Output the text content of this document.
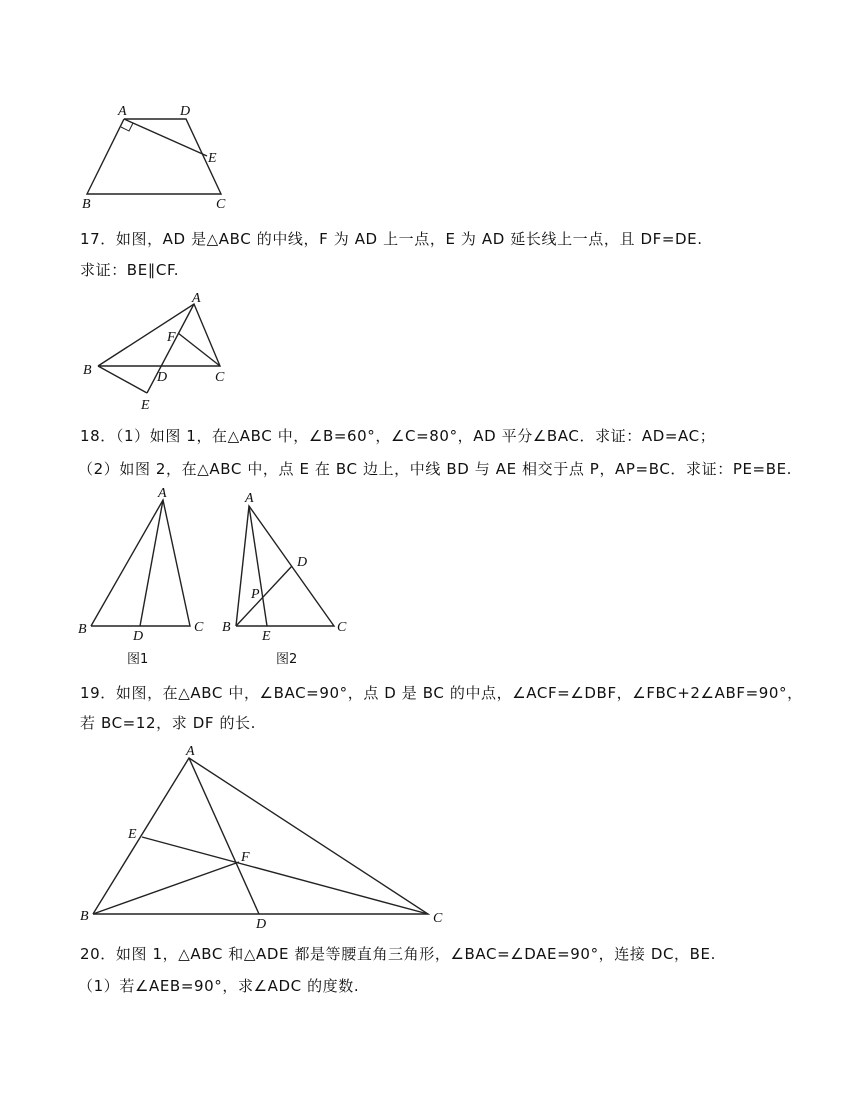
A	D
E
B	C
A
F
B	D	C
E
A
B	D
C
图1
A
D
P
B
E
C
图2
A
E
F
B
D	C
17．如图，AD 是△ABC 的中线，F 为 AD 上一点，E 为 AD 延长线上一点，且 DF=DE.
求证：BE∥CF.
18．（1）如图 1，在△ABC 中，∠B=60°，∠C=80°，AD 平分∠BAC．求证：AD=AC；
（2）如图 2，在△ABC 中，点 E 在 BC 边上，中线 BD 与 AE 相交于点 P，AP=BC．求证：PE=BE.
19．如图，在△ABC 中，∠BAC=90°，点 D 是 BC 的中点，∠ACF=∠DBF，∠FBC+2∠ABF=90°，
若 BC=12，求 DF 的长.
20．如图 1，△ABC 和△ADE 都是等腰直角三角形，∠BAC=∠DAE=90°，连接 DC，BE.
（1）若∠AEB=90°，求∠ADC 的度数.
